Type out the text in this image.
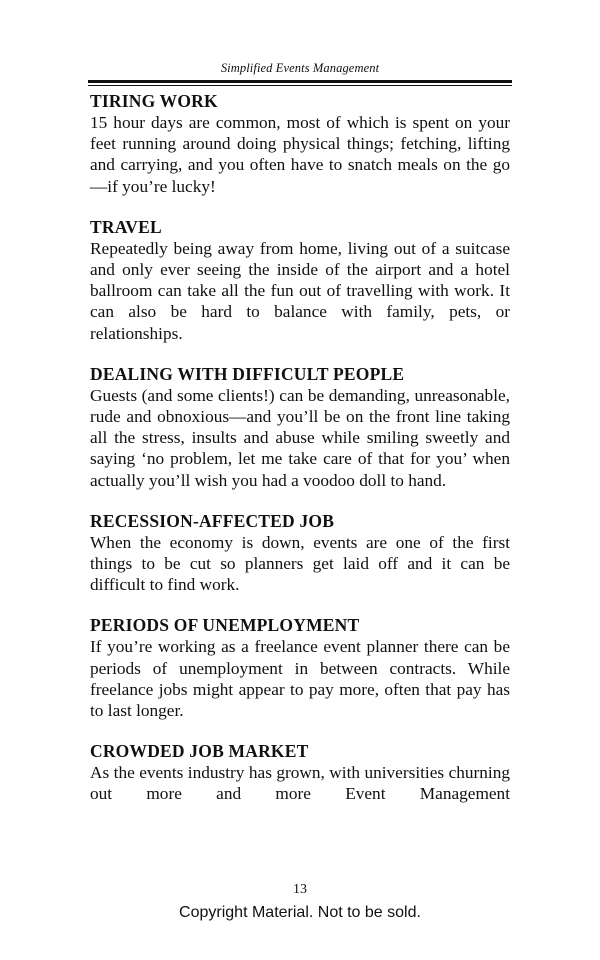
Simplified Events Management
TIRING WORK

15 hour days are common, most of which is spent on your feet running around doing physical things; fetching, lifting and carrying, and you often have to snatch meals on the go—if you’re lucky!

TRAVEL

Repeatedly being away from home, living out of a suitcase and only ever seeing the inside of the airport and a hotel ballroom can take all the fun out of travelling with work. It can also be hard to balance with family, pets, or relationships.

DEALING WITH DIFFICULT PEOPLE

Guests (and some clients!) can be demanding, unreasonable, rude and obnoxious—and you’ll be on the front line taking all the stress, insults and abuse while smiling sweetly and saying ‘no problem, let me take care of that for you’ when actually you’ll wish you had a voodoo doll to hand.

RECESSION-AFFECTED JOB

When the economy is down, events are one of the first things to be cut so planners get laid off and it can be difficult to find work.

PERIODS OF UNEMPLOYMENT

If you’re working as a freelance event planner there can be periods of unemployment in between contracts. While freelance jobs might appear to pay more, often that pay has to last longer.

CROWDED JOB MARKET

As the events industry has grown, with universities churning out more and more Event Management

13
Copyright Material. Not to be sold.
